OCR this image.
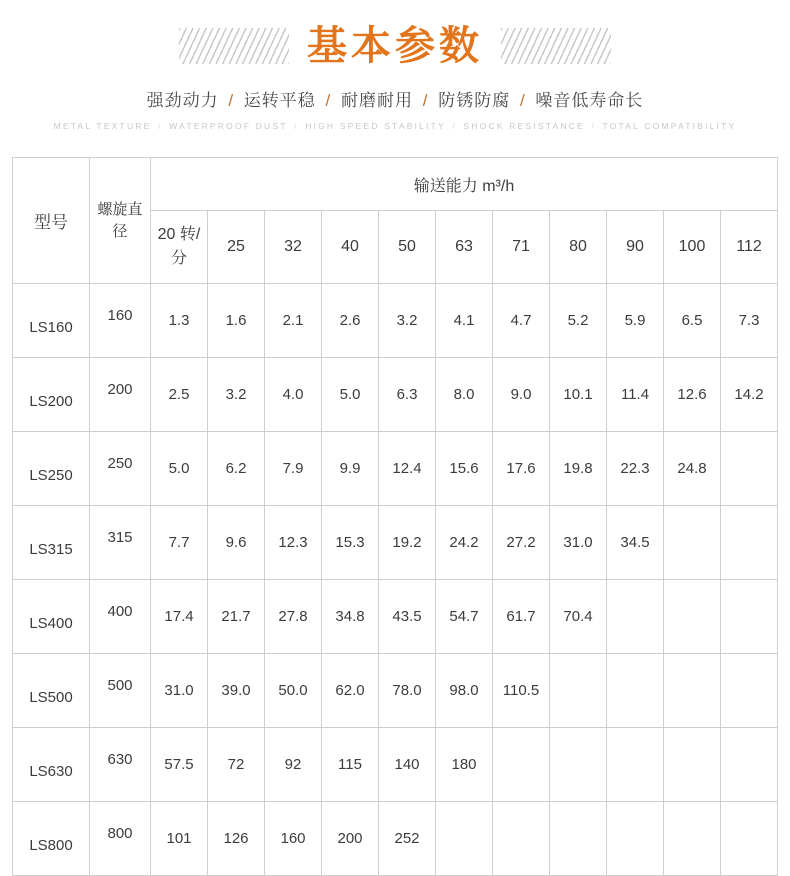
基本参数
强劲动力 / 运转平稳 / 耐磨耐用 / 防锈防腐 / 噪音低寿命长
METAL TEXTURE / WATERPROOF DUST / HIGH SPEED STABILITY / SHOCK RESISTANCE / TOTAL COMPATIBILITY
型号	螺旋直径	输送能力 m³/h										
		20 转/分	25	32	40	50	63	71	80	90	100	112
LS160	160	1.3	1.6	2.1	2.6	3.2	4.1	4.7	5.2	5.9	6.5	7.3
LS200	200	2.5	3.2	4.0	5.0	6.3	8.0	9.0	10.1	11.4	12.6	14.2
LS250	250	5.0	6.2	7.9	9.9	12.4	15.6	17.6	19.8	22.3	24.8	
LS315	315	7.7	9.6	12.3	15.3	19.2	24.2	27.2	31.0	34.5		
LS400	400	17.4	21.7	27.8	34.8	43.5	54.7	61.7	70.4			
LS500	500	31.0	39.0	50.0	62.0	78.0	98.0	110.5				
LS630	630	57.5	72	92	115	140	180					
LS800	800	101	126	160	200	252						
